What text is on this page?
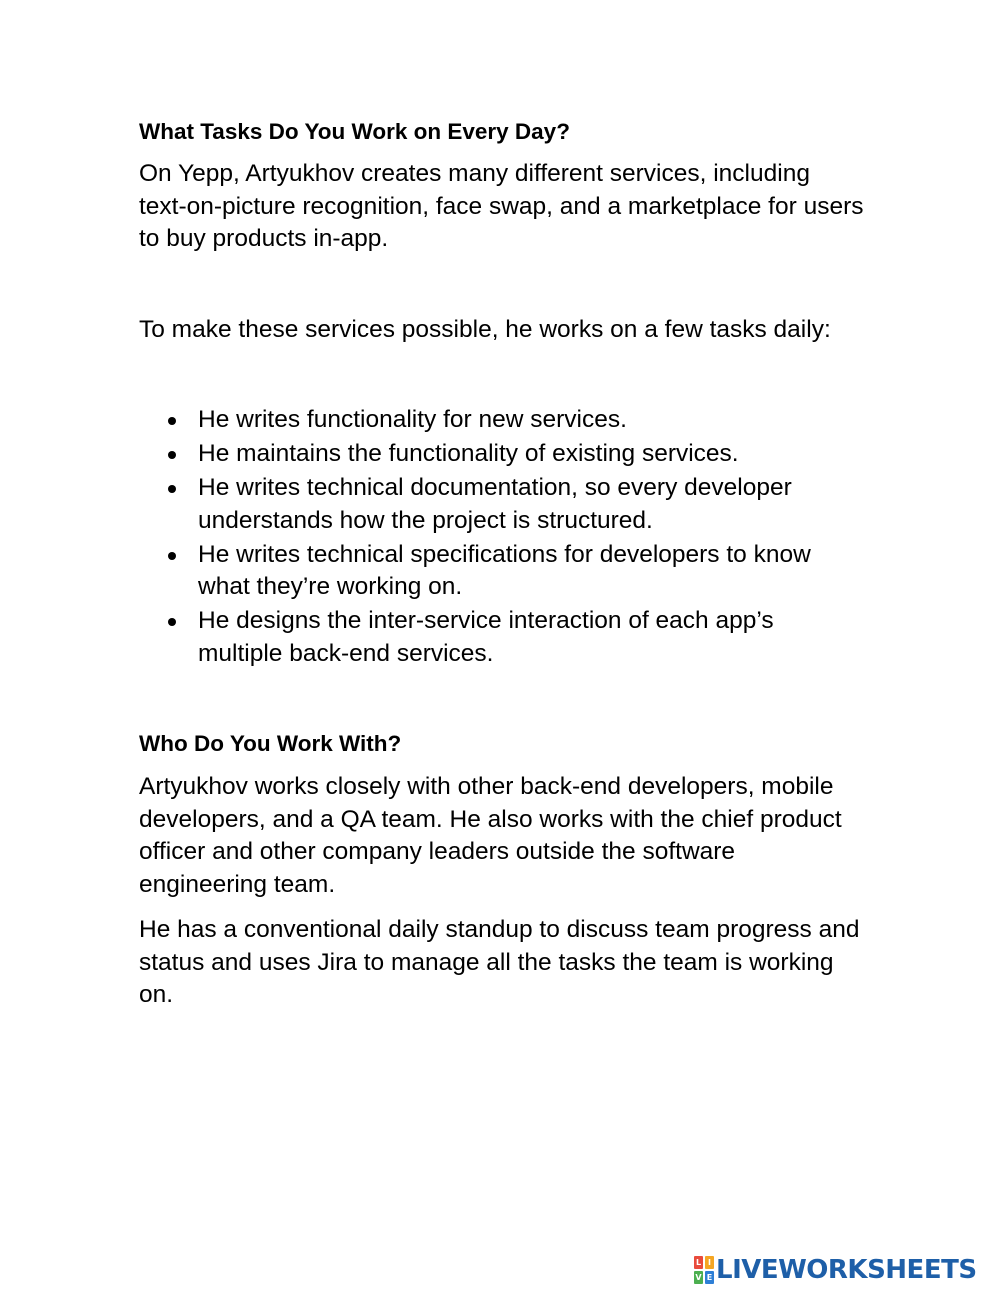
What Tasks Do You Work on Every Day?

On Yepp, Artyukhov creates many different services, including text-on-picture recognition, face swap, and a marketplace for users to buy products in-app.

To make these services possible, he works on a few tasks daily:

He writes functionality for new services.
He maintains the functionality of existing services.
He writes technical documentation, so every developer understands how the project is structured.
He writes technical specifications for developers to know what they’re working on.
He designs the inter-service interaction of each app’s multiple back-end services.
Who Do You Work With?

Artyukhov works closely with other back-end developers, mobile developers, and a QA team. He also works with the chief product officer and other company leaders outside the software engineering team.

He has a conventional daily standup to discuss team progress and status and uses Jira to manage all the tasks the team is working on.

L I
V E LIVEWORKSHEETS
